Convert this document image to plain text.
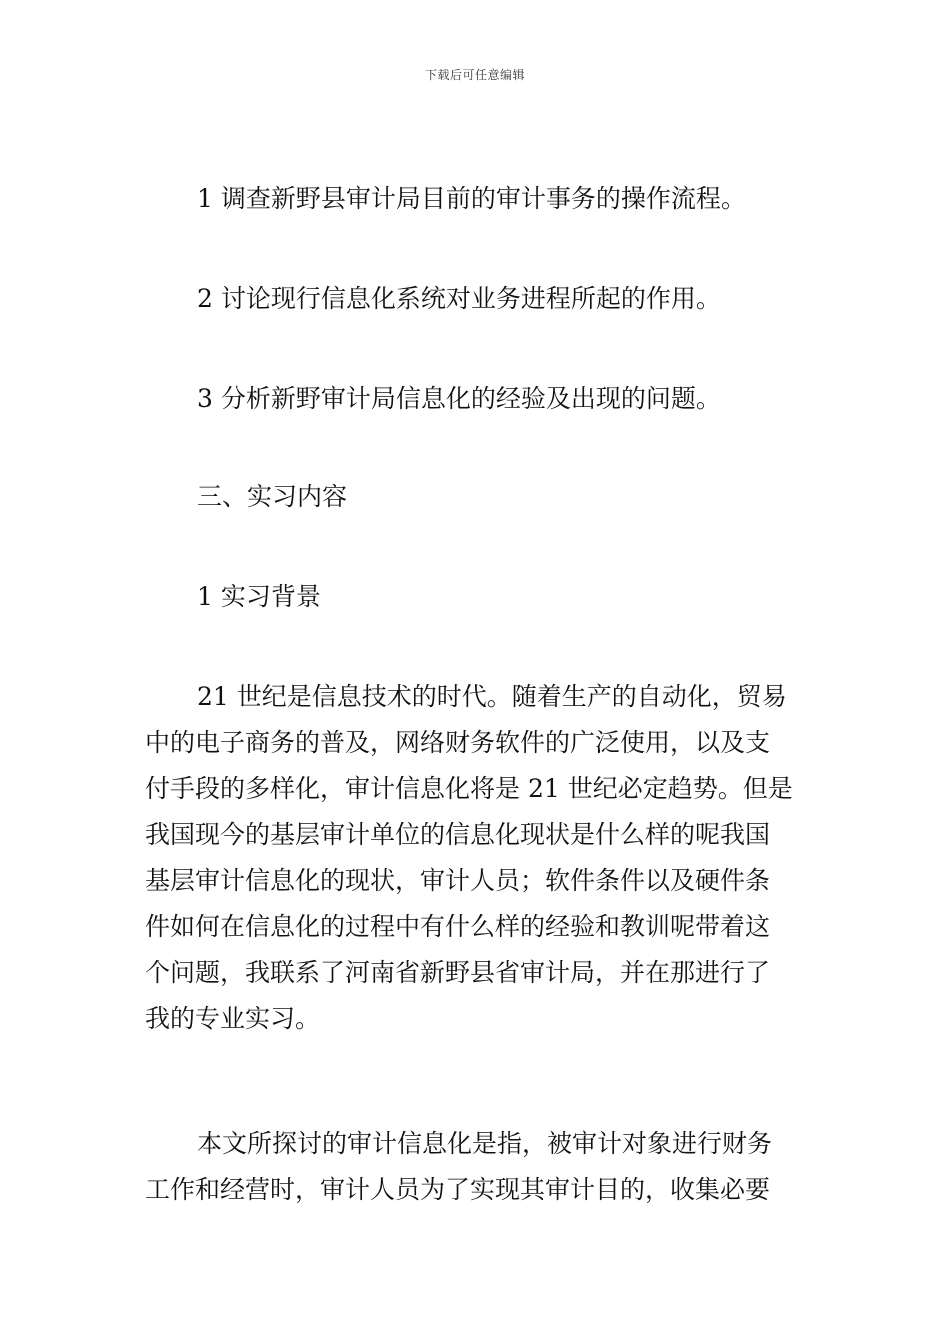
下载后可任意编辑
1 调查新野县审计局目前的审计事务的操作流程。
2 讨论现行信息化系统对业务进程所起的作用。
3 分析新野审计局信息化的经验及出现的问题。
三、实习内容
1 实习背景
21 世纪是信息技术的时代。随着生产的自动化，贸易
中的电子商务的普及，网络财务软件的广泛使用，以及支
付手段的多样化，审计信息化将是 21 世纪必定趋势。但是
我国现今的基层审计单位的信息化现状是什么样的呢我国
基层审计信息化的现状，审计人员；软件条件以及硬件条
件如何在信息化的过程中有什么样的经验和教训呢带着这
个问题，我联系了河南省新野县省审计局，并在那进行了
我的专业实习。
本文所探讨的审计信息化是指，被审计对象进行财务
工作和经营时，审计人员为了实现其审计目的，收集必要
